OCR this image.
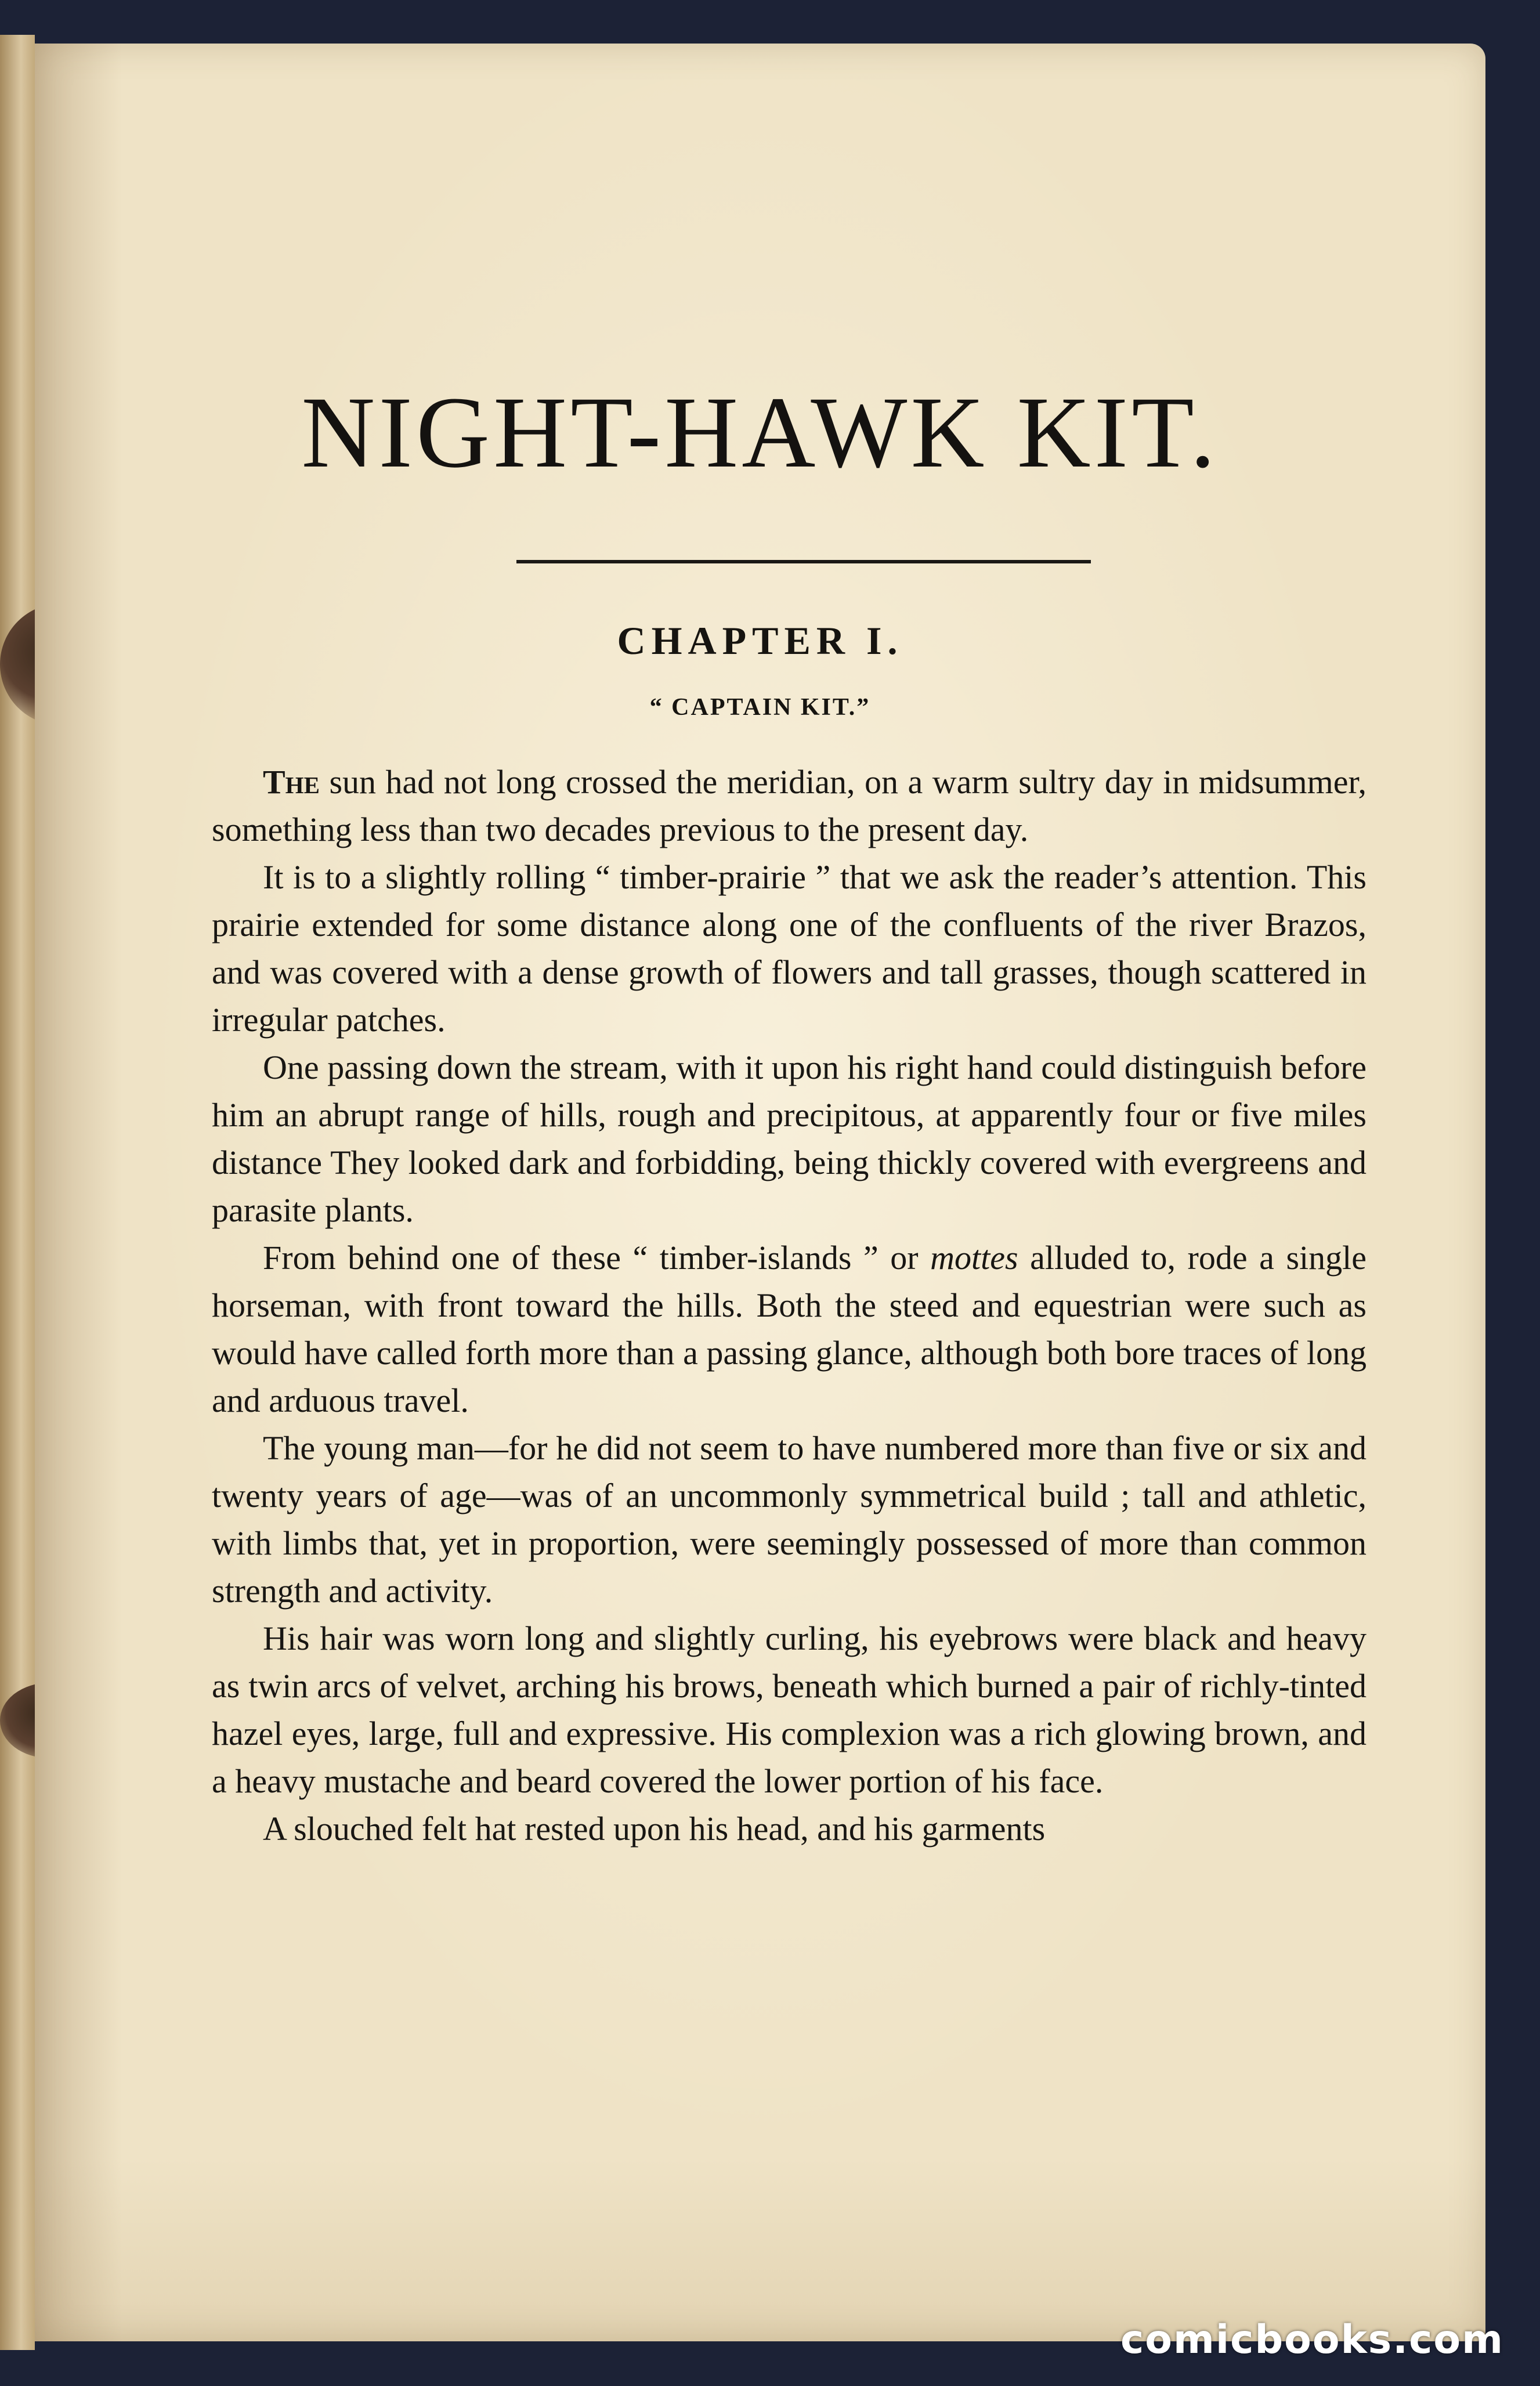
NIGHT-HAWK KIT.
CHAPTER I.
“ CAPTAIN KIT.”

The sun had not long crossed the meridian, on a warm sultry day in midsummer, something less than two decades previous to the present day.

It is to a slightly rolling “ timber-prairie ” that we ask the reader’s attention. This prairie extended for some distance along one of the confluents of the river Brazos, and was covered with a dense growth of flowers and tall grasses, though scattered in irregular patches.

One passing down the stream, with it upon his right hand could distinguish before him an abrupt range of hills, rough and precipitous, at apparently four or five miles distance They looked dark and forbidding, being thickly covered with evergreens and parasite plants.

From behind one of these “ timber-islands ” or mottes alluded to, rode a single horseman, with front toward the hills. Both the steed and equestrian were such as would have called forth more than a passing glance, although both bore traces of long and arduous travel.

The young man—for he did not seem to have numbered more than five or six and twenty years of age—was of an uncommonly symmetrical build ; tall and athletic, with limbs that, yet in proportion, were seemingly possessed of more than common strength and activity.

His hair was worn long and slightly curling, his eyebrows were black and heavy as twin arcs of velvet, arching his brows, beneath which burned a pair of richly-tinted hazel eyes, large, full and expressive. His complexion was a rich glowing brown, and a heavy mustache and beard covered the lower portion of his face.

A slouched felt hat rested upon his head, and his garments

comicbooks.com
